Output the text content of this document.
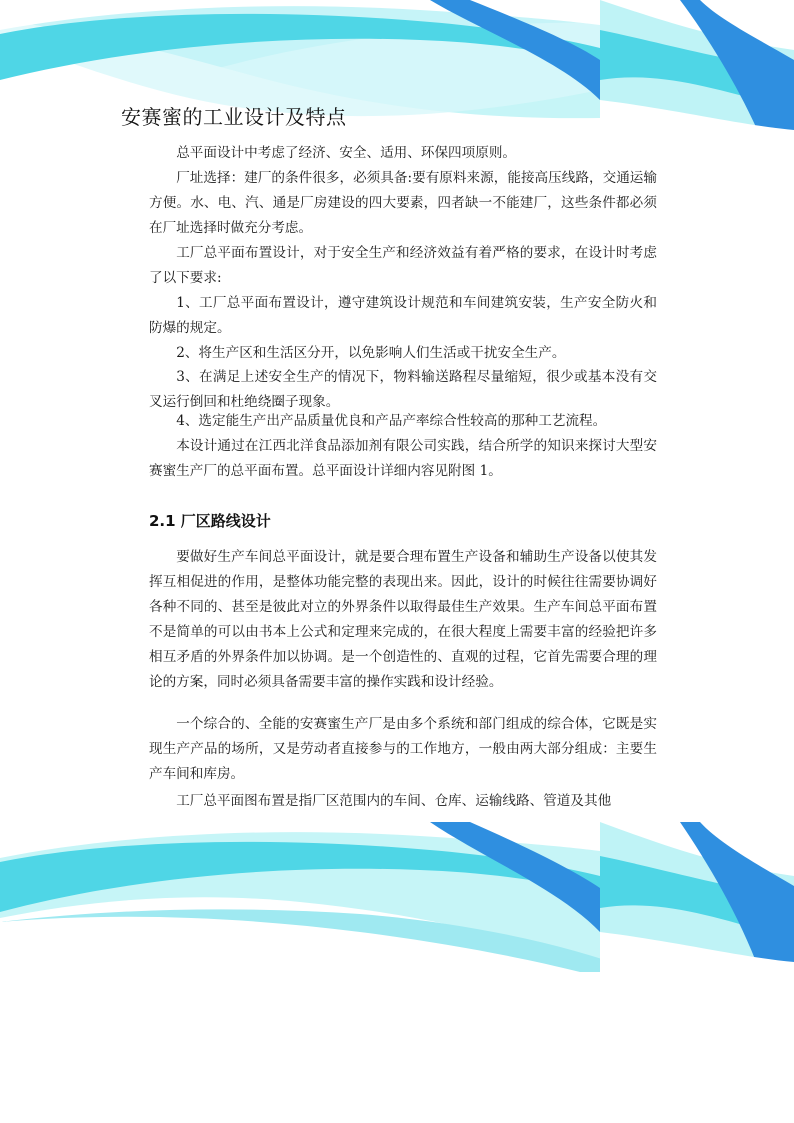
安赛蜜的工业设计及特点

总平面设计中考虑了经济、安全、适用、环保四项原则。

厂址选择：建厂的条件很多，必须具备:要有原料来源，能接高压线路，交通运输方便。水、电、汽、通是厂房建设的四大要素，四者缺一不能建厂，这些条件都必须在厂址选择时做充分考虑。

工厂总平面布置设计，对于安全生产和经济效益有着严格的要求，在设计时考虑了以下要求:

1、工厂总平面布置设计，遵守建筑设计规范和车间建筑安装，生产安全防火和防爆的规定。

2、将生产区和生活区分开，以免影响人们生活或干扰安全生产。

3、在满足上述安全生产的情况下，物料输送路程尽量缩短，很少或基本没有交叉运行倒回和杜绝绕圈子现象。

4、选定能生产出产品质量优良和产品产率综合性较高的那种工艺流程。

本设计通过在江西北洋食品添加剂有限公司实践，结合所学的知识来探讨大型安赛蜜生产厂的总平面布置。总平面设计详细内容见附图 1。

2.1 厂区路线设计

要做好生产车间总平面设计，就是要合理布置生产设备和辅助生产设备以使其发挥互相促进的作用，是整体功能完整的表现出来。因此，设计的时候往往需要协调好各种不同的、甚至是彼此对立的外界条件以取得最佳生产效果。生产车间总平面布置不是简单的可以由书本上公式和定理来完成的，在很大程度上需要丰富的经验把许多相互矛盾的外界条件加以协调。是一个创造性的、直观的过程，它首先需要合理的理论的方案，同时必须具备需要丰富的操作实践和设计经验。

一个综合的、全能的安赛蜜生产厂是由多个系统和部门组成的综合体，它既是实现生产产品的场所，又是劳动者直接参与的工作地方，一般由两大部分组成：主要生产车间和库房。

工厂总平面图布置是指厂区范围内的车间、仓库、运输线路、管道及其他
